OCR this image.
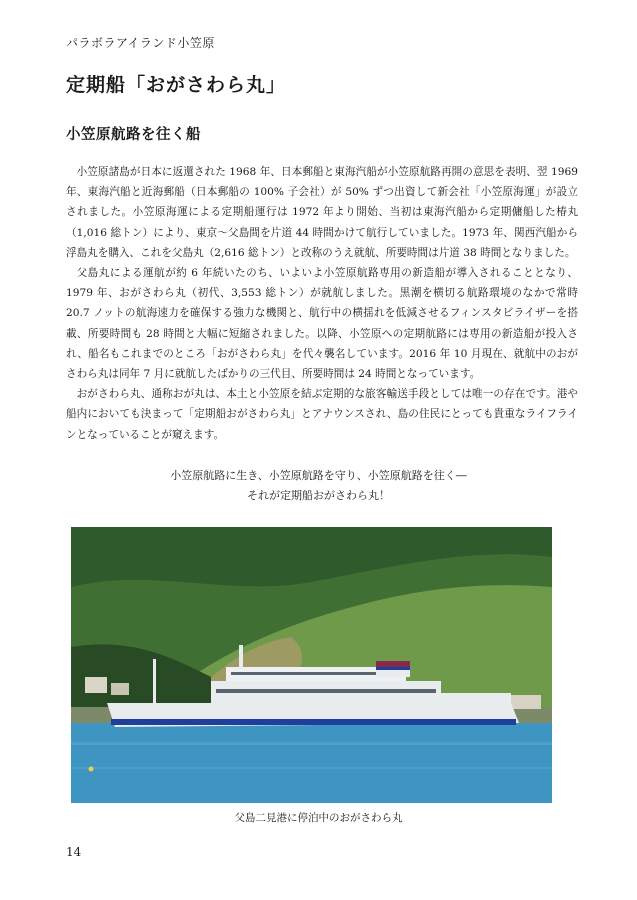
パラボラアイランド小笠原
定期船「おがさわら丸」
小笠原航路を往く船

小笠原諸島が日本に返還された 1968 年、日本郵船と東海汽船が小笠原航路再開の意思を表明、翌 1969 年、東海汽船と近海郵船（日本郵船の 100% 子会社）が 50% ずつ出資して新会社「小笠原海運」が設立されました。小笠原海運による定期船運行は 1972 年より開始、当初は東海汽船から定期傭船した椿丸（1,016 総トン）により、東京〜父島間を片道 44 時間かけて航行していました。1973 年、関西汽船から浮島丸を購入、これを父島丸（2,616 総トン）と改称のうえ就航、所要時間は片道 38 時間となりました。

父島丸による運航が約 6 年続いたのち、いよいよ小笠原航路専用の新造船が導入されることとなり、1979 年、おがさわら丸（初代、3,553 総トン）が就航しました。黒潮を横切る航路環境のなかで常時 20.7 ノットの航海速力を確保する強力な機関と、航行中の横揺れを低減させるフィンスタビライザーを搭載、所要時間も 28 時間と大幅に短縮されました。以降、小笠原への定期航路には専用の新造船が投入され、船名もこれまでのところ「おがさわら丸」を代々襲名しています。2016 年 10 月現在、就航中のおがさわら丸は同年 7 月に就航したばかりの三代目、所要時間は 24 時間となっています。

おがさわら丸、通称おが丸は、本土と小笠原を結ぶ定期的な旅客輸送手段としては唯一の存在です。港や船内においても決まって「定期船おがさわら丸」とアナウンスされ、島の住民にとっても貴重なライフラインとなっていることが窺えます。

小笠原航路に生き、小笠原航路を守り、小笠原航路を往く―
それが定期船おがさわら丸！
父島二見港に停泊中のおがさわら丸
14
